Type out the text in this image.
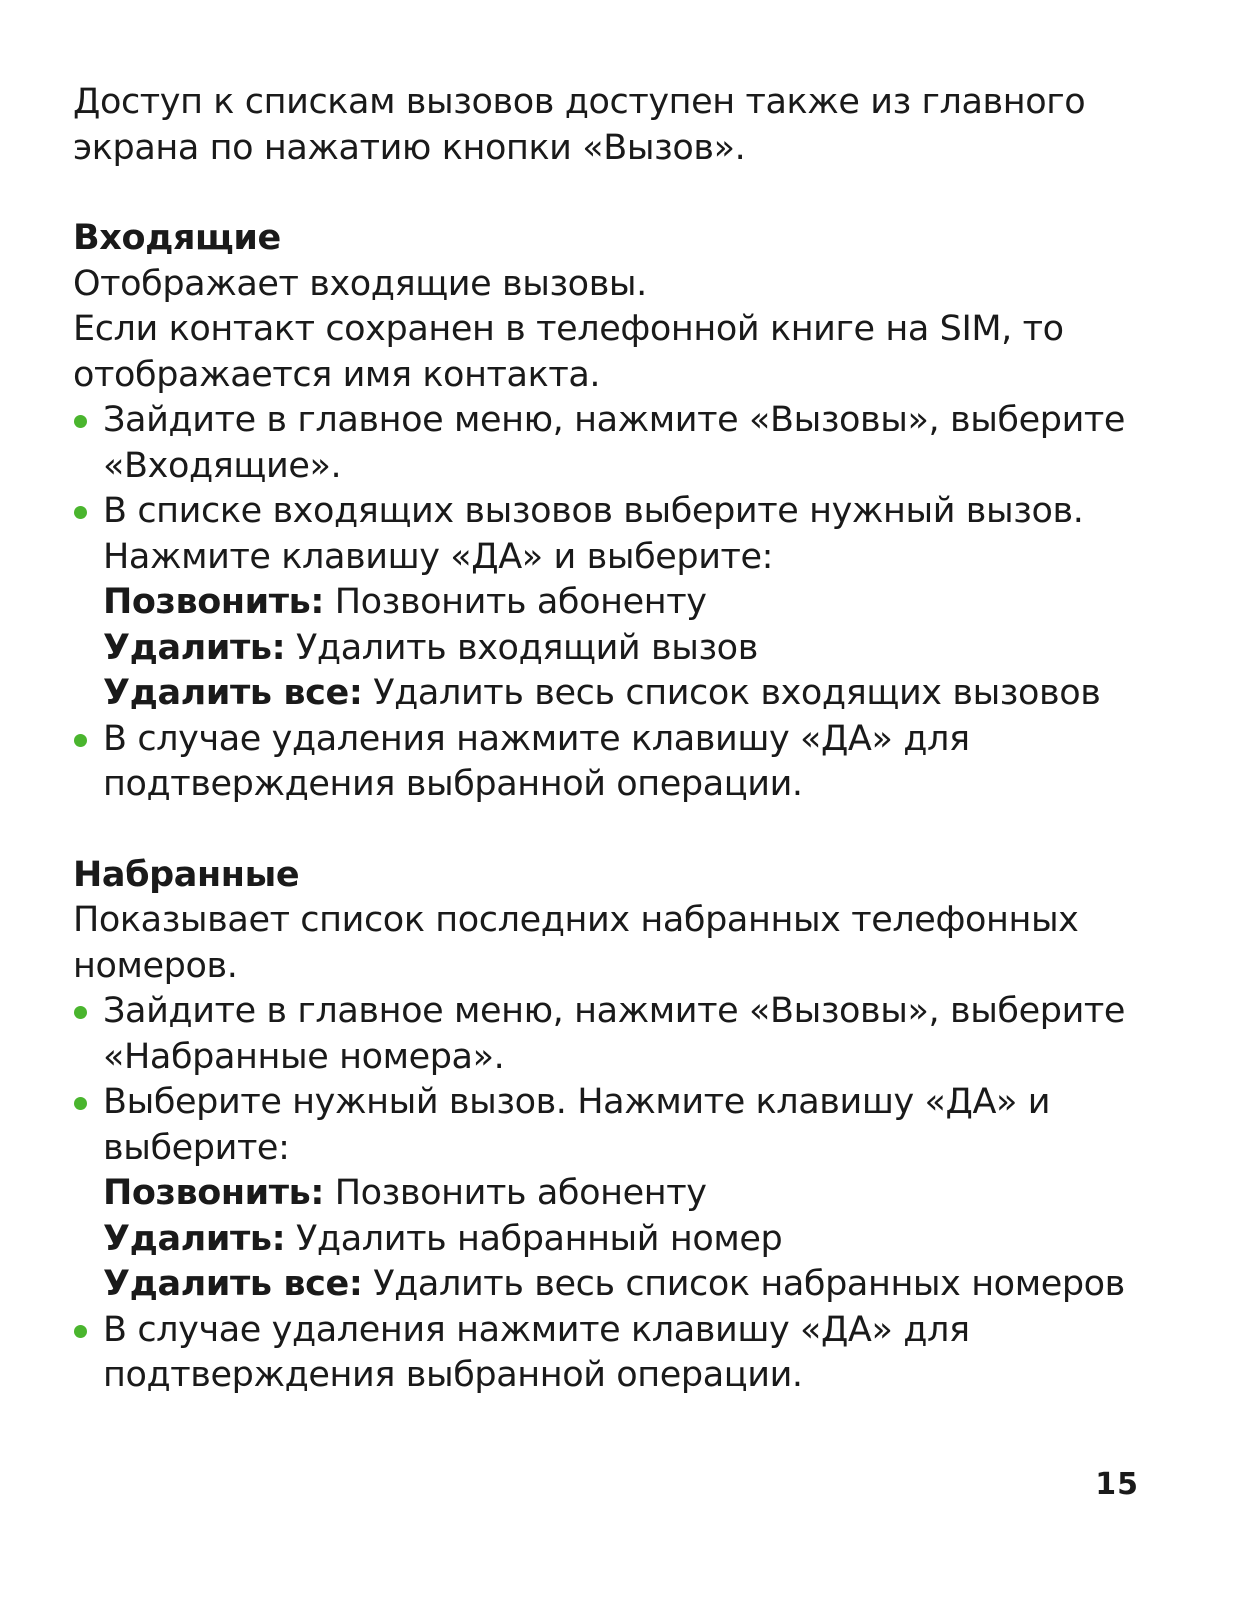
Доступ к спискам вызовов доступен также из главного экрана по нажатию кнопки «Вызов».

Входящие

Отображает входящие вызовы.

Если контакт сохранен в телефонной книге на SIM, то отображается имя контакта.

Зайдите в главное меню, нажмите «Вызовы», выберите «Входящие».
В списке входящих вызовов выберите нужный вызов. Нажмите клавишу «ДА» и выберите:

Позвонить: Позвонить абоненту

Удалить: Удалить входящий вызов

Удалить все: Удалить весь список входящих вызовов

В случае удаления нажмите клавишу «ДА» для подтверждения выбранной операции.

Набранные

Показывает список последних набранных телефонных номеров.

Зайдите в главное меню, нажмите «Вызовы», выберите «Набранные номера».
Выберите нужный вызов. Нажмите клавишу «ДА» и выберите:

Позвонить: Позвонить абоненту

Удалить: Удалить набранный номер

Удалить все: Удалить весь список набранных номеров

В случае удаления нажмите клавишу «ДА» для подтверждения выбранной операции.
15
